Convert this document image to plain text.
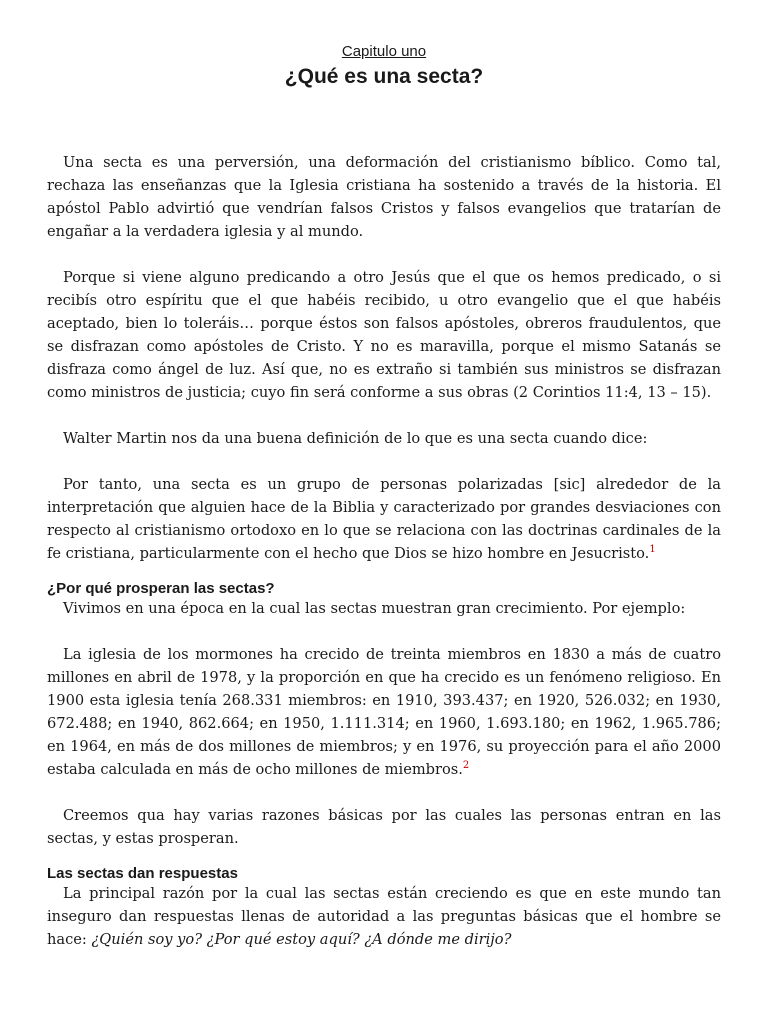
Capitulo uno

¿Qué es una secta?

Una secta es una perversión, una deformación del cristianismo bíblico. Como tal, rechaza las enseñanzas que la Iglesia cristiana ha sostenido a través de la historia. El apóstol Pablo advirtió que vendrían falsos Cristos y falsos evangelios que tratarían de engañar a la verdadera iglesia y al mundo.

Porque si viene alguno predicando a otro Jesús que el que os hemos predicado, o si recibís otro espíritu que el que habéis recibido, u otro evangelio que el que habéis aceptado, bien lo toleráis… porque éstos son falsos apóstoles, obreros fraudulentos, que se disfrazan como apóstoles de Cristo. Y no es maravilla, porque el mismo Satanás se disfraza como ángel de luz. Así que, no es extraño si también sus ministros se disfrazan como ministros de justicia; cuyo fin será conforme a sus obras (2 Corintios 11:4, 13 – 15).

Walter Martin nos da una buena definición de lo que es una secta cuando dice:

Por tanto, una secta es un grupo de personas polarizadas [sic] alrededor de la interpretación que alguien hace de la Biblia y caracterizado por grandes desviaciones con respecto al cristianismo ortodoxo en lo que se relaciona con las doctrinas cardinales de la fe cristiana, particularmente con el hecho que Dios se hizo hombre en Jesucristo.$^1$

¿Por qué prosperan las sectas?

Vivimos en una época en la cual las sectas muestran gran crecimiento. Por ejemplo:

La iglesia de los mormones ha crecido de treinta miembros en 1830 a más de cuatro millones en abril de 1978, y la proporción en que ha crecido es un fenómeno religioso. En 1900 esta iglesia tenía 268.331 miembros: en 1910, 393.437; en 1920, 526.032; en 1930, 672.488; en 1940, 862.664; en 1950, 1.111.314; en 1960, 1.693.180; en 1962, 1.965.786; en 1964, en más de dos millones de miembros; y en 1976, su proyección para el año 2000 estaba calculada en más de ocho millones de miembros.$^2$

Creemos qua hay varias razones básicas por las cuales las personas entran en las sectas, y estas prosperan.

Las sectas dan respuestas

La principal razón por la cual las sectas están creciendo es que en este mundo tan inseguro dan respuestas llenas de autoridad a las preguntas básicas que el hombre se hace: ¿Quién soy yo? ¿Por qué estoy aquí? ¿A dónde me dirijo?
